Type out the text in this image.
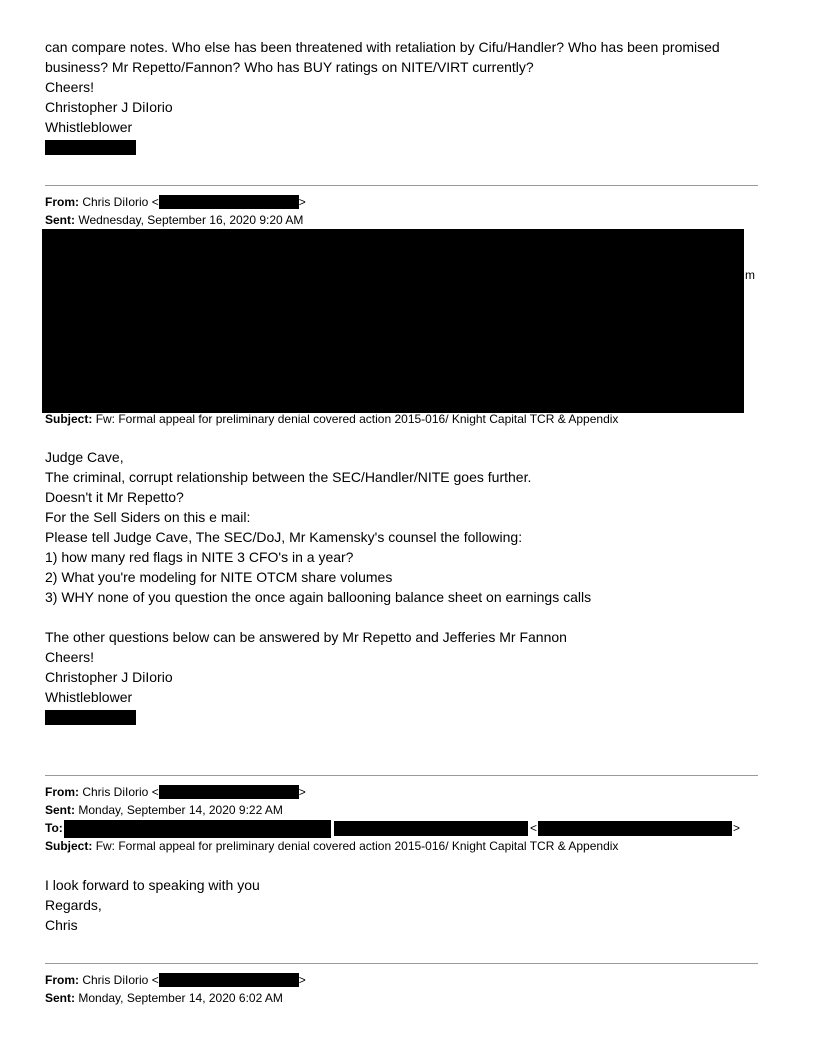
can compare notes. Who else has been threatened with retaliation by Cifu/Handler? Who has been promised
business? Mr Repetto/Fannon? Who has BUY ratings on NITE/VIRT currently?
Cheers!
Christopher J DiIorio
Whistleblower
From: Chris DiIorio <	>
Sent: Wednesday, September 16, 2020 9:20 AM
m
Subject: Fw: Formal appeal for preliminary denial covered action 2015-016/ Knight Capital TCR & Appendix
Judge Cave,
The criminal, corrupt relationship between the SEC/Handler/NITE goes further.
Doesn't it Mr Repetto?
For the Sell Siders on this e mail:
Please tell Judge Cave, The SEC/DoJ, Mr Kamensky's counsel the following:
1) how many red flags in NITE 3 CFO's in a year?
2) What you're modeling for NITE OTCM share volumes
3) WHY none of you question the once again ballooning balance sheet on earnings calls
The other questions below can be answered by Mr Repetto and Jefferies Mr Fannon
Cheers!
Christopher J DiIorio
Whistleblower
From: Chris DiIorio <	>
Sent: Monday, September 14, 2020 9:22 AM
To:	<	>
Subject: Fw: Formal appeal for preliminary denial covered action 2015-016/ Knight Capital TCR & Appendix
I look forward to speaking with you
Regards,
Chris
From: Chris DiIorio <	>
Sent: Monday, September 14, 2020 6:02 AM
